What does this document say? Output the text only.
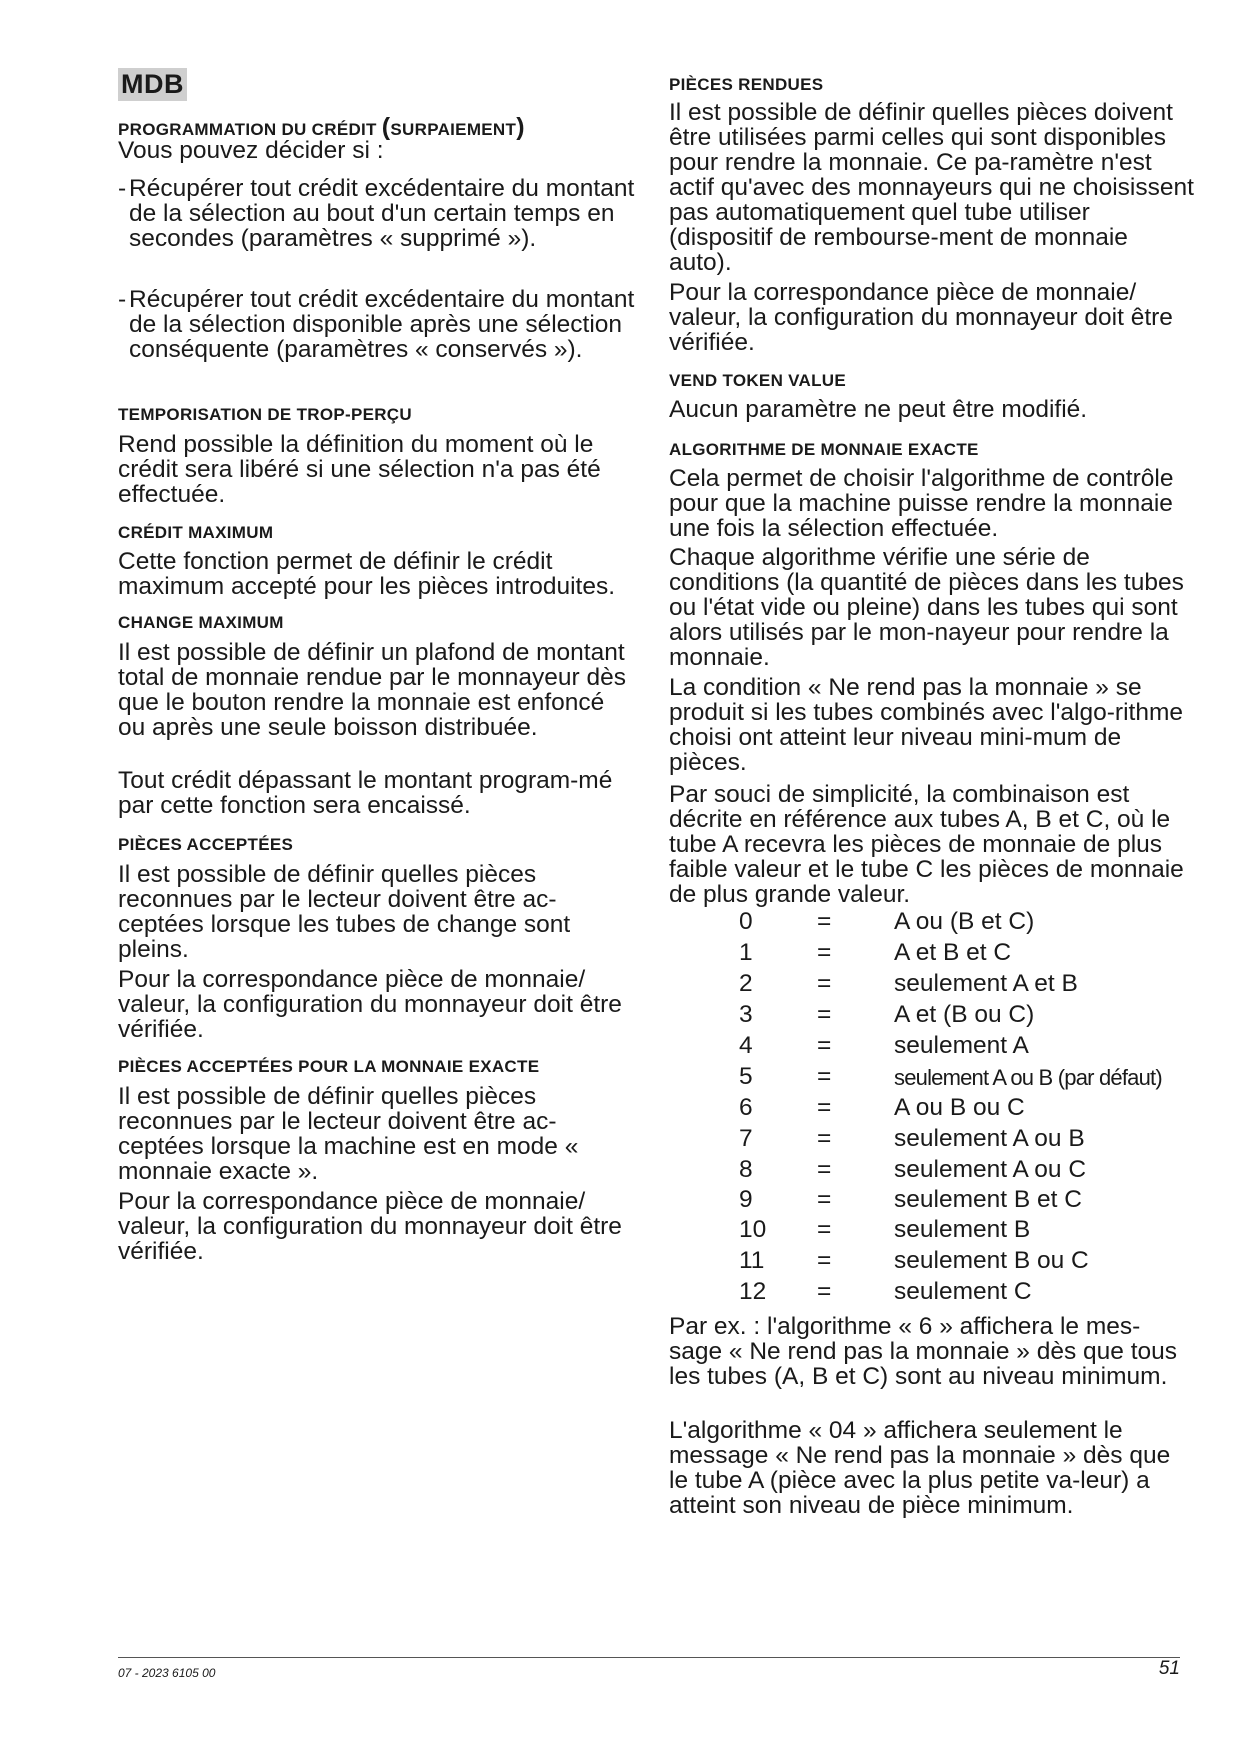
MDB

PROGRAMMATION DU CRÉDIT (SURPAIEMENT)

Vous pouvez décider si :

- Récupérer tout crédit excédentaire du montant de la sélection au bout d'un certain temps en secondes (paramètres « supprimé »).
- Récupérer tout crédit excédentaire du montant de la sélection disponible après une sélection conséquente (paramètres « conservés »).

TEMPORISATION DE TROP-PERÇU

Rend possible la définition du moment où le crédit sera libéré si une sélection n'a pas été effectuée.

CRÉDIT MAXIMUM

Cette fonction permet de définir le crédit maximum accepté pour les pièces introduites.

CHANGE MAXIMUM

Il est possible de définir un plafond de montant total de monnaie rendue par le monnayeur dès que le bouton rendre la monnaie est enfoncé ou après une seule boisson distribuée.

Tout crédit dépassant le montant program-mé par cette fonction sera encaissé.

PIÈCES ACCEPTÉES

Il est possible de définir quelles pièces reconnues par le lecteur doivent être ac-ceptées lorsque les tubes de change sont pleins.

Pour la correspondance pièce de monnaie/ valeur, la configuration du monnayeur doit être vérifiée.

PIÈCES ACCEPTÉES POUR LA MONNAIE EXACTE

Il est possible de définir quelles pièces reconnues par le lecteur doivent être ac-ceptées lorsque la machine est en mode « monnaie exacte ».

Pour la correspondance pièce de monnaie/ valeur, la configuration du monnayeur doit être vérifiée.

PIÈCES RENDUES

Il est possible de définir quelles pièces doivent être utilisées parmi celles qui sont disponibles pour rendre la monnaie. Ce pa-ramètre n'est actif qu'avec des monnayeurs qui ne choisissent pas automatiquement quel tube utiliser (dispositif de rembourse-ment de monnaie auto).

Pour la correspondance pièce de monnaie/ valeur, la configuration du monnayeur doit être vérifiée.

VEND TOKEN VALUE

Aucun paramètre ne peut être modifié.

ALGORITHME DE MONNAIE EXACTE

Cela permet de choisir l'algorithme de contrôle pour que la machine puisse rendre la monnaie une fois la sélection effectuée.

Chaque algorithme vérifie une série de conditions (la quantité de pièces dans les tubes ou l'état vide ou pleine) dans les tubes qui sont alors utilisés par le mon-nayeur pour rendre la monnaie.

La condition « Ne rend pas la monnaie » se produit si les tubes combinés avec l'algo-rithme choisi ont atteint leur niveau mini-mum de pièces.

Par souci de simplicité, la combinaison est décrite en référence aux tubes A, B et C, où le tube A recevra les pièces de monnaie de plus faible valeur et le tube C les pièces de monnaie de plus grande valeur.

0	=	A ou (B et C)
1	=	A et B et C
2	=	seulement A et B
3	=	A et (B ou C)
4	=	seulement A
5	=	seulement A ou B (par défaut)
6	=	A ou B ou C
7	=	seulement A ou B
8	=	seulement A ou C
9	=	seulement B et C
10 =	seulement B
11 =	seulement B ou C
12 =	seulement C

Par ex. : l'algorithme « 6 » affichera le mes-sage « Ne rend pas la monnaie » dès que tous les tubes (A, B et C) sont au niveau minimum.

L'algorithme « 04 » affichera seulement le message « Ne rend pas la monnaie » dès que le tube A (pièce avec la plus petite va-leur) a atteint son niveau de pièce minimum.

07 - 2023 6105 00	51
